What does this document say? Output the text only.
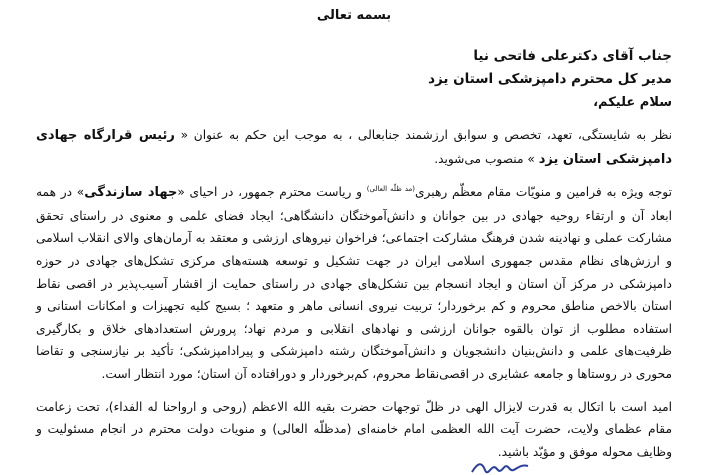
بسمه تعالی
جناب آقای دکترعلی فاتحی نیا
مدیر کل محترم دامپزشکی استان یزد
سلام علیکم،

نظر به شایستگی، تعهد، تخصص و سوابق ارزشمند جنابعالی ، به موجب این حکم به عنوان « رئیس قرارگاه جهادی دامپزشکی استان یزد » منصوب می‌شوید.

توجه ویژه به فرامین و منویّات مقام معظّم رهبری$^{(مد ظلّه العالی)}$ و ریاست محترم جمهور، در احیای «جهاد سازندگی» در همه ابعاد آن و ارتقاء روحیه جهادی در بین جوانان و دانش‌آموختگان دانشگاهی؛ ایجاد فضای علمی و معنوی در راستای تحقق مشارکت عملی و نهادینه شدن فرهنگ مشارکت اجتماعی؛ فراخوان نیروهای ارزشی و معتقد به آرمان‌های والای انقلاب اسلامی و ارزش‌های نظام مقدس جمهوری اسلامی ایران در جهت تشکیل و توسعه هسته‌های مرکزی تشکل‌های جهادی در حوزه دامپزشکی در مرکز آن استان و ایجاد انسجام بین تشکل‌های جهادی در راستای حمایت از اقشار آسیب‌پذیر در اقصی نقاط استان بالاخص مناطق محروم و کم برخوردار؛ تربیت نیروی انسانی ماهر و متعهد ؛ بسیج کلیه تجهیزات و امکانات استانی و استفاده مطلوب از توان بالقوه جوانان ارزشی و نهادهای انقلابی و مردم نهاد؛ پرورش استعدادهای خلاق و بکارگیری ظرفیت‌های علمی و دانش‌بنیان دانشجویان و دانش‌آموختگان رشته دامپزشکی و پیرادامپزشکی؛ تأکید بر نیازسنجی و تقاضا محوری در روستاها و جامعه عشایری در اقصی‌نقاط محروم، کم‌برخوردار و دورافتاده آن استان؛ مورد انتظار است.

امید است با اتکال به قدرت لایزال الهی در ظلّ توجهات حضرت بقیه الله الاعظم (روحی و ارواحنا له الفداء)، تحت زعامت مقام عظمای ولایت، حضرت آیت الله العظمی امام خامنه‌ای (مدظلّه العالی) و منویات دولت محترم در انجام مسئولیت و وظایف محوله موفق و مؤیّد باشید.
